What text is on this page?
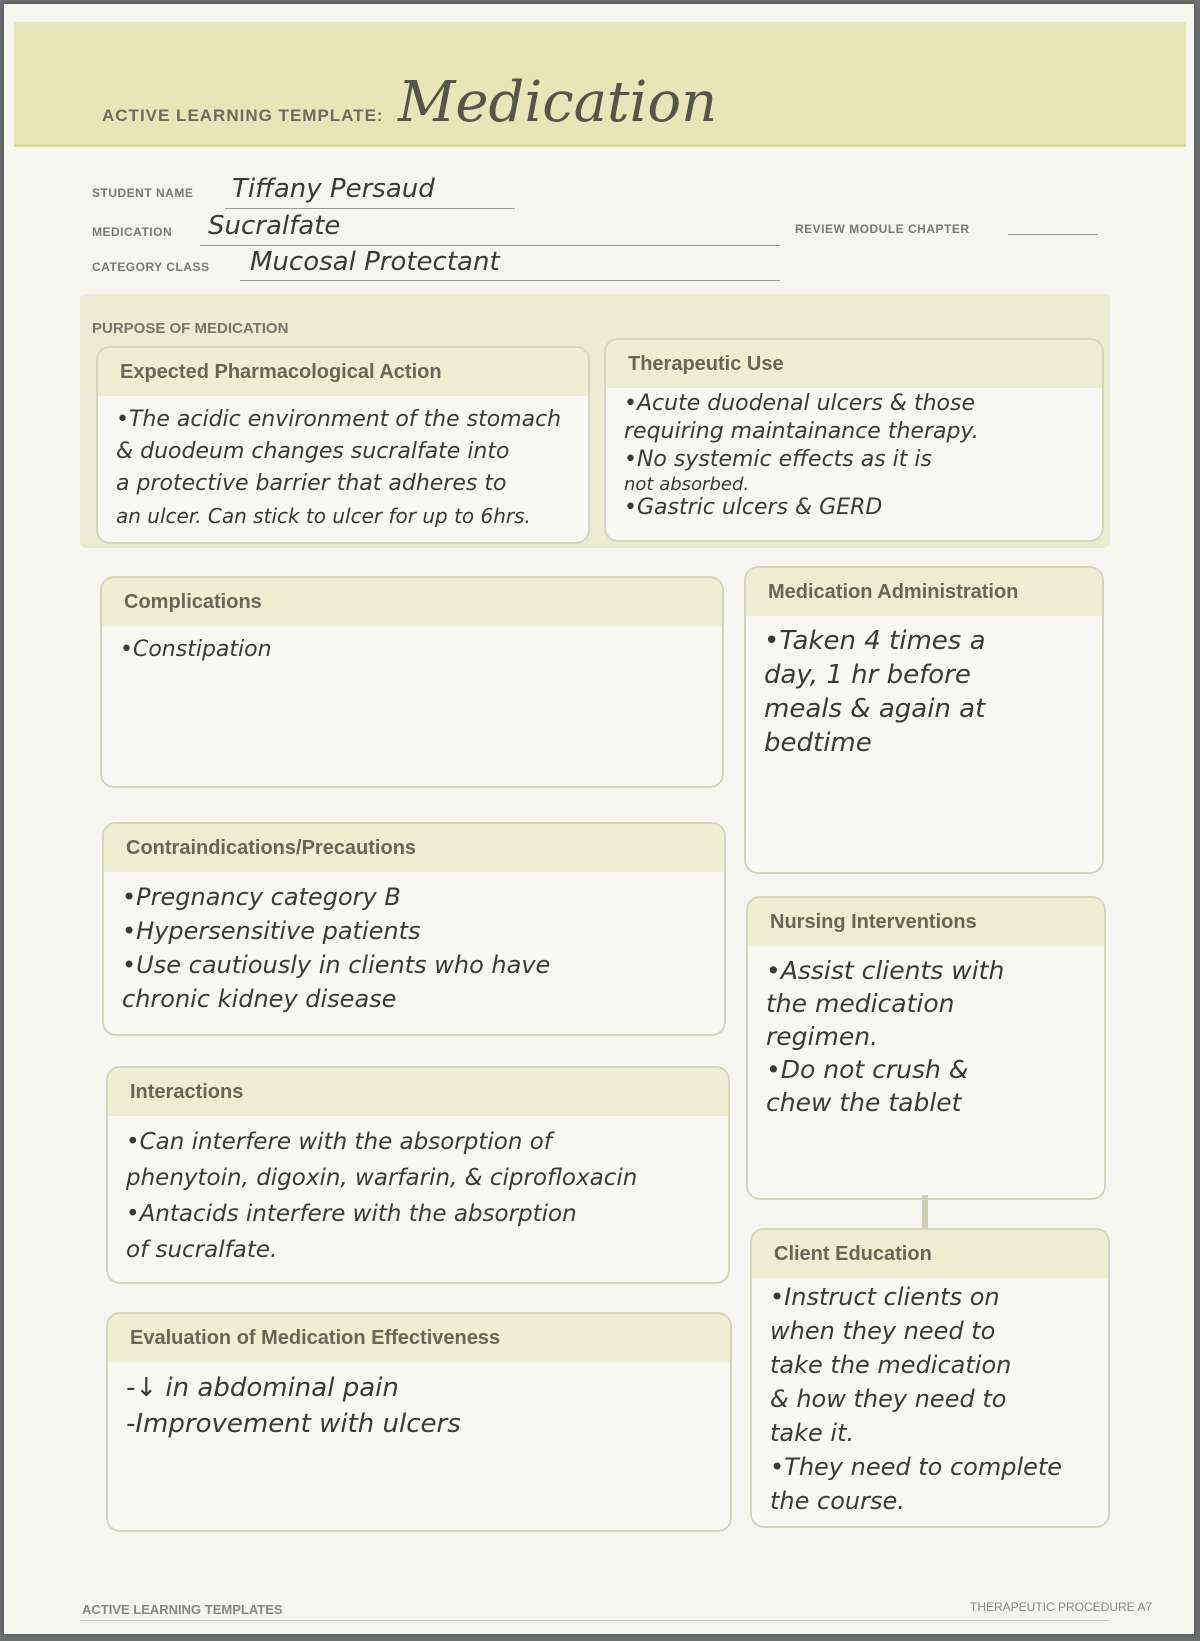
ACTIVE LEARNING TEMPLATE: Medication
STUDENT NAME Tiffany Persaud
MEDICATION Sucralfate	REVIEW MODULE CHAPTER
CATEGORY CLASS Mucosal Protectant
PURPOSE OF MEDICATION
Expected Pharmacological Action
•The acidic environment of the stomach
& duodeum changes sucralfate into
a protective barrier that adheres to
an ulcer. Can stick to ulcer for up to 6hrs.
Therapeutic Use
•Acute duodenal ulcers & those
requiring maintainance therapy.
•No systemic effects as it is
not absorbed.
•Gastric ulcers & GERD
Complications
•Constipation
Medication Administration
•Taken 4 times a
day, 1 hr before
meals & again at
bedtime
Contraindications/Precautions
•Pregnancy category B
•Hypersensitive patients
•Use cautiously in clients who have
chronic kidney disease
Nursing Interventions
•Assist clients with
the medication
regimen.
•Do not crush &
chew the tablet
Interactions
•Can interfere with the absorption of
phenytoin, digoxin, warfarin, & ciprofloxacin
•Antacids interfere with the absorption
of sucralfate.	Client Education
•Instruct clients on
when they need to
take the medication
& how they need to
take it.
•They need to complete
the course.
Evaluation of Medication Effectiveness
-↓ in abdominal pain
-Improvement with ulcers
ACTIVE LEARNING TEMPLATES	THERAPEUTIC PROCEDURE A7
